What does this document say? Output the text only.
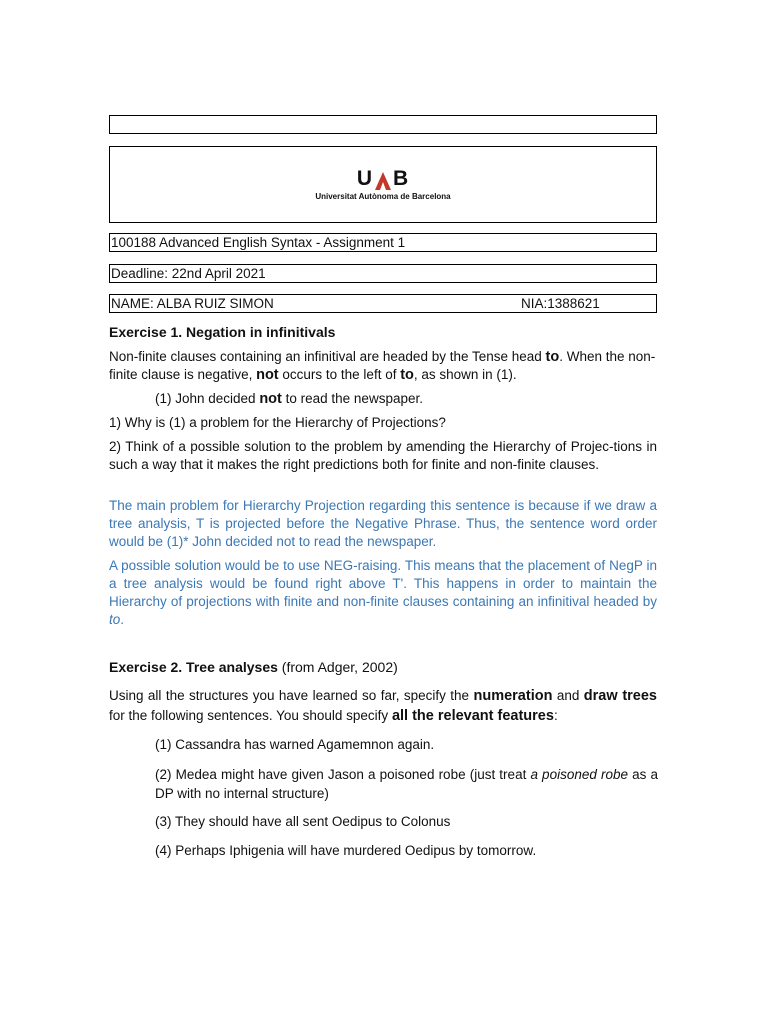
U B
Universitat Autònoma de Barcelona
100188 Advanced English Syntax - Assignment 1
Deadline: 22nd April 2021
NAME: ALBA RUIZ SIMON	NIA:1388621

Exercise 1. Negation in infinitivals

Non-finite clauses containing an infinitival are headed by the Tense head to. When the non-finite clause is negative, not occurs to the left of to, as shown in (1).

(1) John decided not to read the newspaper.

1) Why is (1) a problem for the Hierarchy of Projections?

2) Think of a possible solution to the problem by amending the Hierarchy of Projec-tions in such a way that it makes the right predictions both for finite and non-finite clauses.

The main problem for Hierarchy Projection regarding this sentence is because if we draw a tree analysis, T is projected before the Negative Phrase. Thus, the sentence word order would be (1)* John decided not to read the newspaper.

A possible solution would be to use NEG-raising. This means that the placement of NegP in a tree analysis would be found right above T'. This happens in order to maintain the Hierarchy of projections with finite and non-finite clauses containing an infinitival headed by to.

Exercise 2. Tree analyses (from Adger, 2002)

Using all the structures you have learned so far, specify the numeration and draw trees for the following sentences. You should specify all the relevant features:

(1) Cassandra has warned Agamemnon again.

(2) Medea might have given Jason a poisoned robe (just treat a poisoned robe as a DP with no internal structure)

(3) They should have all sent Oedipus to Colonus

(4) Perhaps Iphigenia will have murdered Oedipus by tomorrow.
